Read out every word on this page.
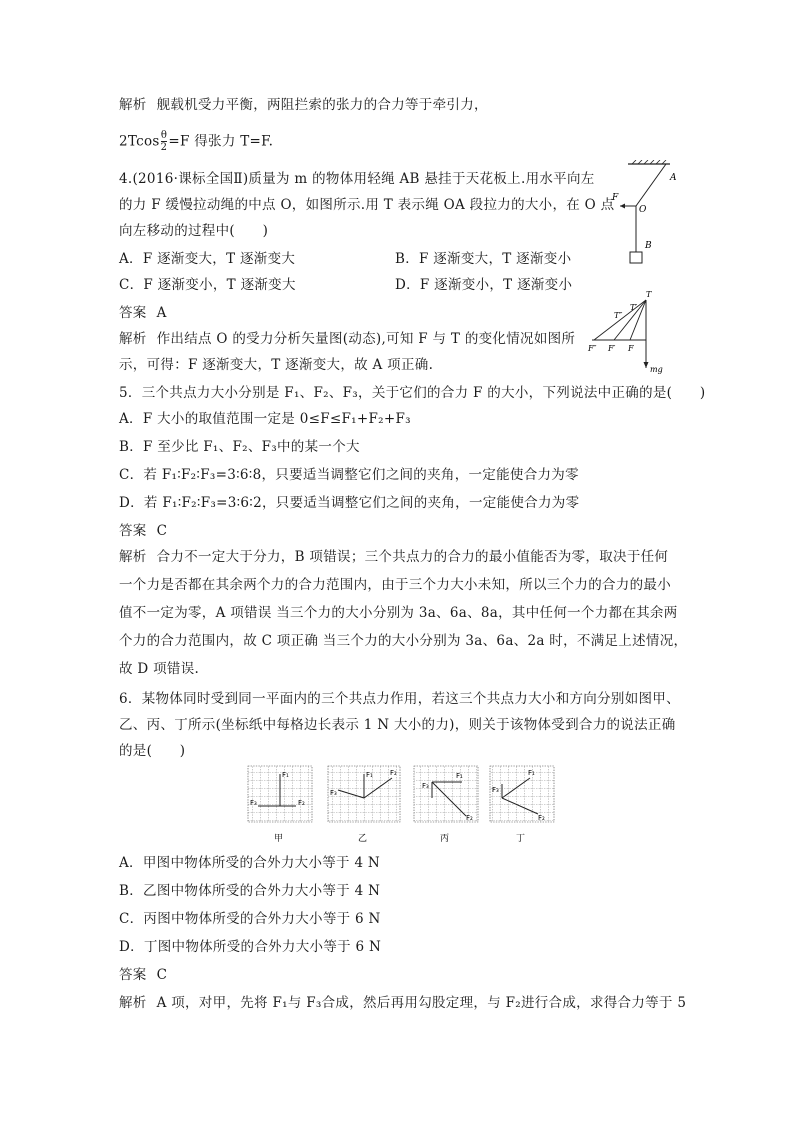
解析 舰载机受力平衡，两阻拦索的张力的合力等于牵引力，
$2Tcos \frac{\theta}{2} =F$ 得张力 T=F.
4.(2016·课标全国Ⅱ)质量为 m 的物体用轻绳 AB 悬挂于天花板上.用水平向左
的力 F 缓慢拉动绳的中点 O，如图所示.用 T 表示绳 OA 段拉力的大小，在 O 点
向左移动的过程中(　　)
A．F 逐渐变大，T 逐渐变大	B．F 逐渐变大，T 逐渐变小
C．F 逐渐变小，T 逐渐变大	D．F 逐渐变小，T 逐渐变小
答案 A
解析 作出结点 O 的受力分析矢量图(动态),可知 F 与 T 的变化情况如图所
示，可得：F 逐渐变大，T 逐渐变大，故 A 项正确.
5．三个共点力大小分别是 F₁、F₂、F₃，关于它们的合力 F 的大小，下列说法中正确的是(　　)
A．F 大小的取值范围一定是 0≤F≤F₁+F₂+F₃
B．F 至少比 F₁、F₂、F₃中的某一个大
C．若 F₁∶F₂∶F₃=3∶6∶8，只要适当调整它们之间的夹角，一定能使合力为零
D．若 F₁∶F₂∶F₃=3∶6∶2，只要适当调整它们之间的夹角，一定能使合力为零
答案 C
解析 合力不一定大于分力，B 项错误；三个共点力的合力的最小值能否为零，取决于任何
一个力是否都在其余两个力的合力范围内，由于三个力大小未知，所以三个力的合力的最小
值不一定为零，A 项错误 当三个力的大小分别为 3a、6a、8a，其中任何一个力都在其余两
个力的合力范围内，故 C 项正确 当三个力的大小分别为 3a、6a、2a 时，不满足上述情况，
故 D 项错误.
6．某物体同时受到同一平面内的三个共点力作用，若这三个共点力大小和方向分别如图甲、
乙、丙、丁所示(坐标纸中每格边长表示 1 N 大小的力)，则关于该物体受到合力的说法正确
的是(　　)
A．甲图中物体所受的合外力大小等于 4 N
B．乙图中物体所受的合外力大小等于 4 N
C．丙图中物体所受的合外力大小等于 6 N
D．丁图中物体所受的合外力大小等于 6 N
答案 C
解析 A 项，对甲，先将 F₁与 F₃合成，然后再用勾股定理，与 F₂进行合成，求得合力等于 5
A
F
O
B
T
T′
T″
F″ F′ F
mg
F₁
F₂
F₃
甲
F₁ F₂
F₃
乙
F₁
F₂
F₃
丙
F₁
F₂
F₃
丁
